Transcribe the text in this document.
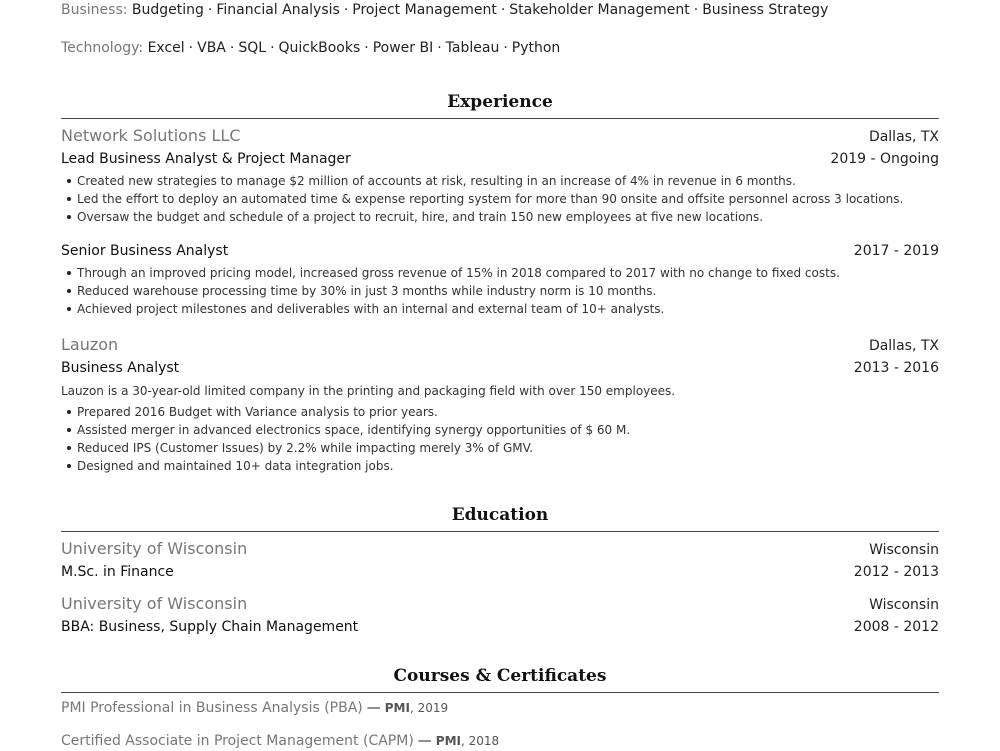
Business: Budgeting · Financial Analysis · Project Management · Stakeholder Management · Business Strategy
Technology: Excel · VBA · SQL · QuickBooks · Power BI · Tableau · Python
Experience
Network Solutions LLC	Dallas, TX
Lead Business Analyst & Project Manager	2019 - Ongoing
Created new strategies to manage $2 million of accounts at risk, resulting in an increase of 4% in revenue in 6 months.
Led the effort to deploy an automated time & expense reporting system for more than 90 onsite and offsite personnel across 3 locations.
Oversaw the budget and schedule of a project to recruit, hire, and train 150 new employees at five new locations.
Senior Business Analyst	2017 - 2019
Through an improved pricing model, increased gross revenue of 15% in 2018 compared to 2017 with no change to fixed costs.
Reduced warehouse processing time by 30% in just 3 months while industry norm is 10 months.
Achieved project milestones and deliverables with an internal and external team of 10+ analysts.
Lauzon	Dallas, TX
Business Analyst	2013 - 2016
Lauzon is a 30-year-old limited company in the printing and packaging field with over 150 employees.
Prepared 2016 Budget with Variance analysis to prior years.
Assisted merger in advanced electronics space, identifying synergy opportunities of $ 60 M.
Reduced IPS (Customer Issues) by 2.2% while impacting merely 3% of GMV.
Designed and maintained 10+ data integration jobs.
Education
University of Wisconsin	Wisconsin
M.Sc. in Finance	2012 - 2013
University of Wisconsin	Wisconsin
BBA: Business, Supply Chain Management	2008 - 2012
Courses & Certificates
PMI Professional in Business Analysis (PBA) — PMI, 2019
Certified Associate in Project Management (CAPM) — PMI, 2018
